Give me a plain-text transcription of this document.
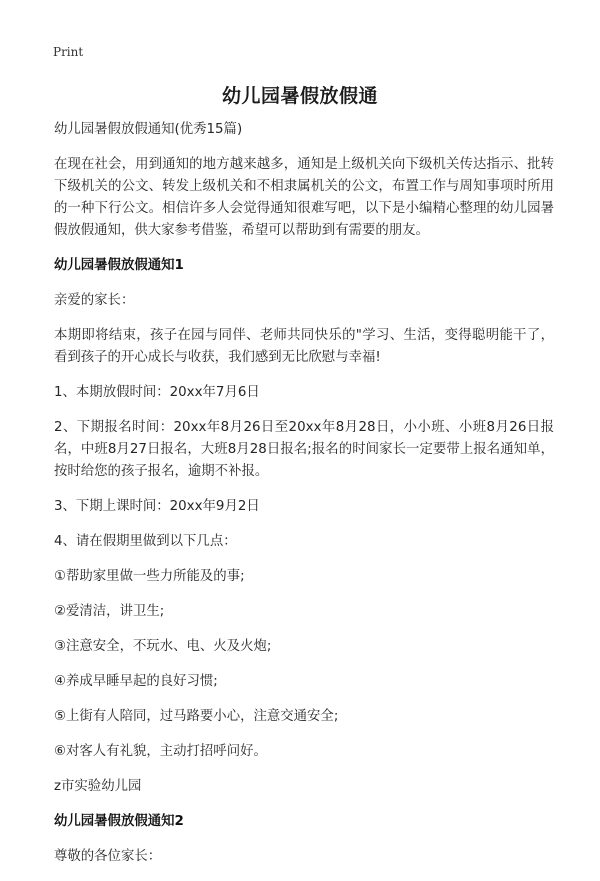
Print
幼儿园暑假放假通

幼儿园暑假放假通知(优秀15篇)

在现在社会，用到通知的地方越来越多，通知是上级机关向下级机关传达指示、批转下级机关的公文、转发上级机关和不相隶属机关的公文，布置工作与周知事项时所用的一种下行公文。相信许多人会觉得通知很难写吧，以下是小编精心整理的幼儿园暑假放假通知，供大家参考借鉴，希望可以帮助到有需要的朋友。

幼儿园暑假放假通知1

亲爱的家长：

本期即将结束，孩子在园与同伴、老师共同快乐的"学习、生活，变得聪明能干了，看到孩子的开心成长与收获，我们感到无比欣慰与幸福!

1、本期放假时间：20xx年7月6日

2、下期报名时间：20xx年8月26日至20xx年8月28日，小小班、小班8月26日报名，中班8月27日报名，大班8月28日报名;报名的时间家长一定要带上报名通知单，按时给您的孩子报名，逾期不补报。

3、下期上课时间：20xx年9月2日

4、请在假期里做到以下几点：

①帮助家里做一些力所能及的事;

②爱清洁，讲卫生;

③注意安全，不玩水、电、火及火炮;

④养成早睡早起的良好习惯;

⑤上街有人陪同，过马路要小心，注意交通安全;

⑥对客人有礼貌，主动打招呼问好。

z市实验幼儿园

幼儿园暑假放假通知2

尊敬的各位家长：
